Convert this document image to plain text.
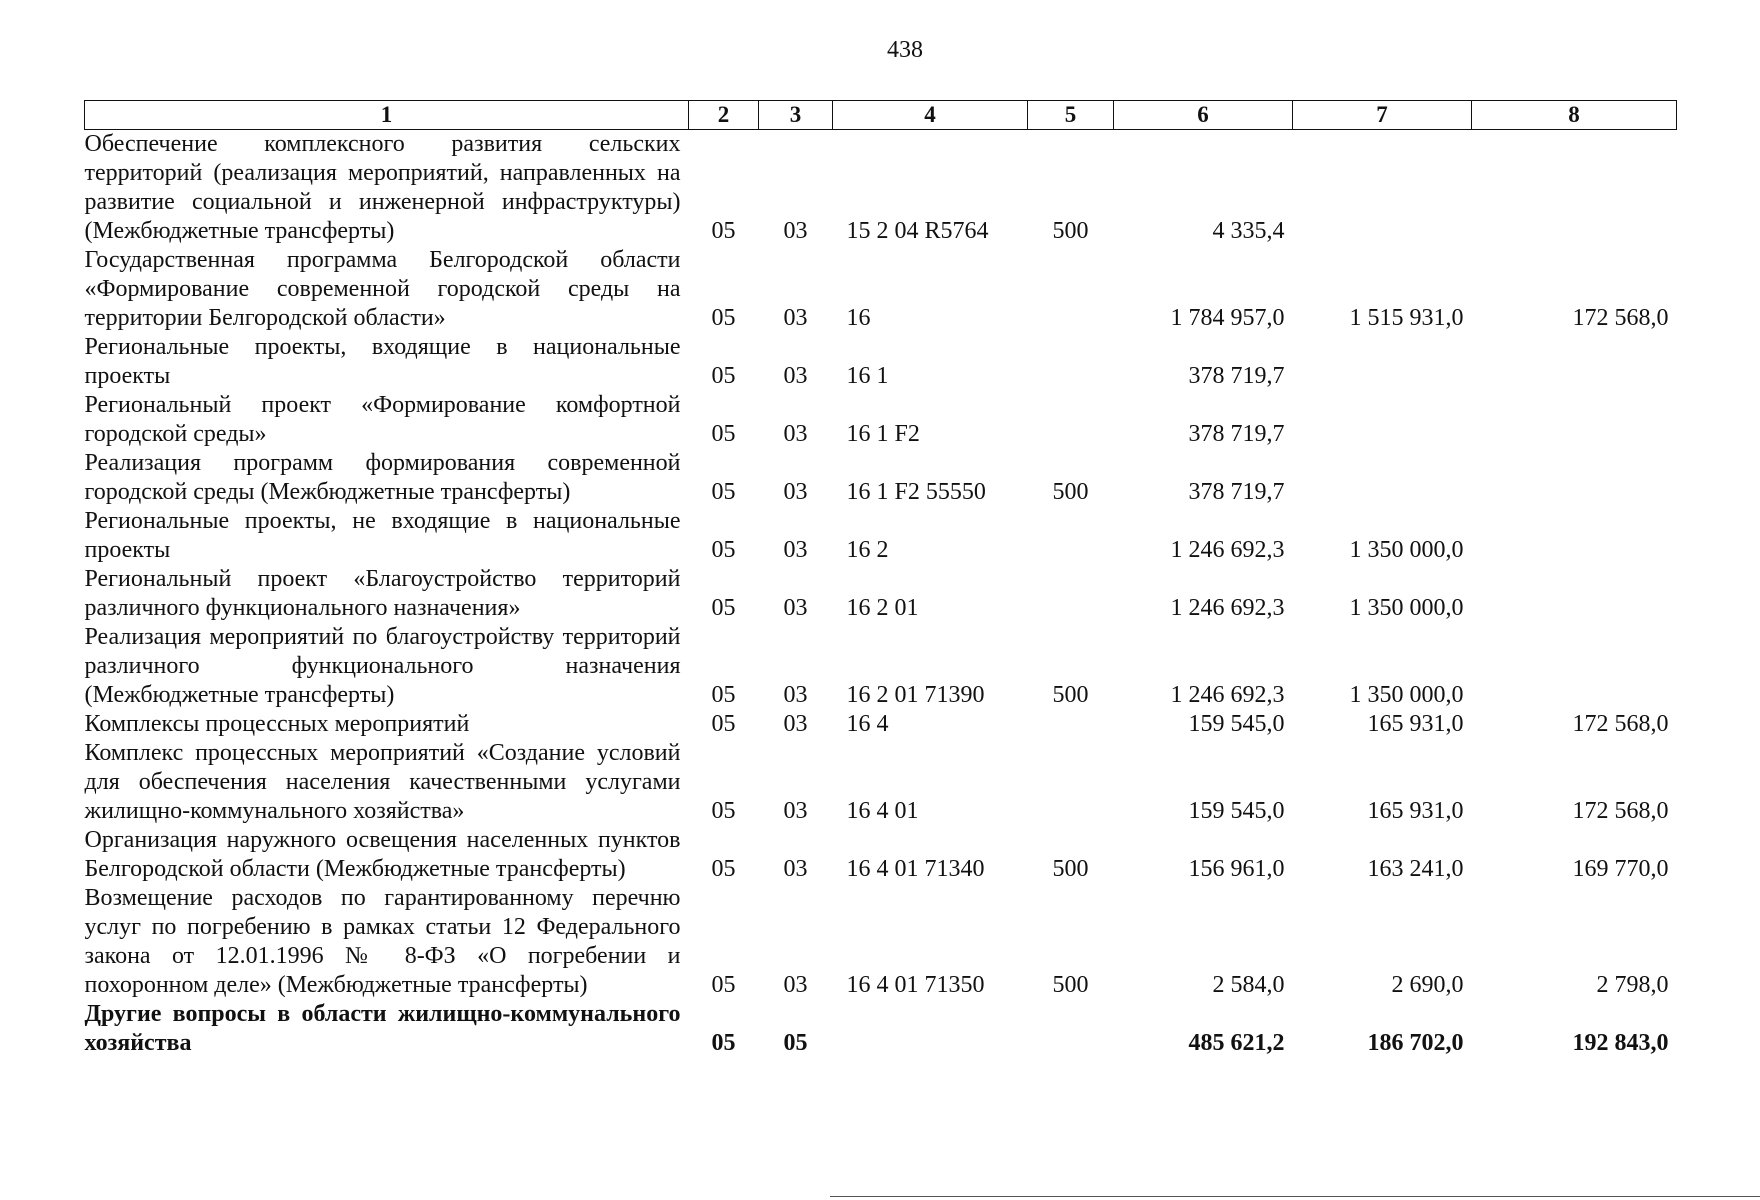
438
1	2	3	4	5	6	7	8
Обеспечение комплексного развития сельских территорий (реализация мероприятий, направленных на развитие социальной и инженерной инфраструктуры) (Межбюджетные трансферты)	05	03	15 2 04 R5764	500	4 335,4		
Государственная программа Белгородской области «Формирование современной городской среды на территории Белгородской области»	05	03	16		1 784 957,0	1 515 931,0	172 568,0
Региональные проекты, входящие в национальные проекты	05	03	16 1		378 719,7		
Региональный проект «Формирование комфортной городской среды»	05	03	16 1 F2		378 719,7		
Реализация программ формирования современной городской среды (Межбюджетные трансферты)	05	03	16 1 F2 55550	500	378 719,7		
Региональные проекты, не входящие в национальные проекты	05	03	16 2		1 246 692,3	1 350 000,0	
Региональный проект «Благоустройство территорий различного функционального назначения»	05	03	16 2 01		1 246 692,3	1 350 000,0	
Реализация мероприятий по благоустройству территорий различного функционального назначения (Межбюджетные трансферты)	05	03	16 2 01 71390	500	1 246 692,3	1 350 000,0	
Комплексы процессных мероприятий	05	03	16 4		159 545,0	165 931,0	172 568,0
Комплекс процессных мероприятий «Создание условий для обеспечения населения качественными услугами жилищно-коммунального хозяйства»	05	03	16 4 01		159 545,0	165 931,0	172 568,0
Организация наружного освещения населенных пунктов Белгородской области (Межбюджетные трансферты)	05	03	16 4 01 71340	500	156 961,0	163 241,0	169 770,0
Возмещение расходов по гарантированному перечню услуг по погребению в рамках статьи 12 Федерального закона от 12.01.1996 № 8-ФЗ «О погребении и похоронном деле» (Межбюджетные трансферты)	05	03	16 4 01 71350	500	2 584,0	2 690,0	2 798,0
Другие вопросы в области жилищно-коммунального хозяйства	05	05			485 621,2	186 702,0	192 843,0
